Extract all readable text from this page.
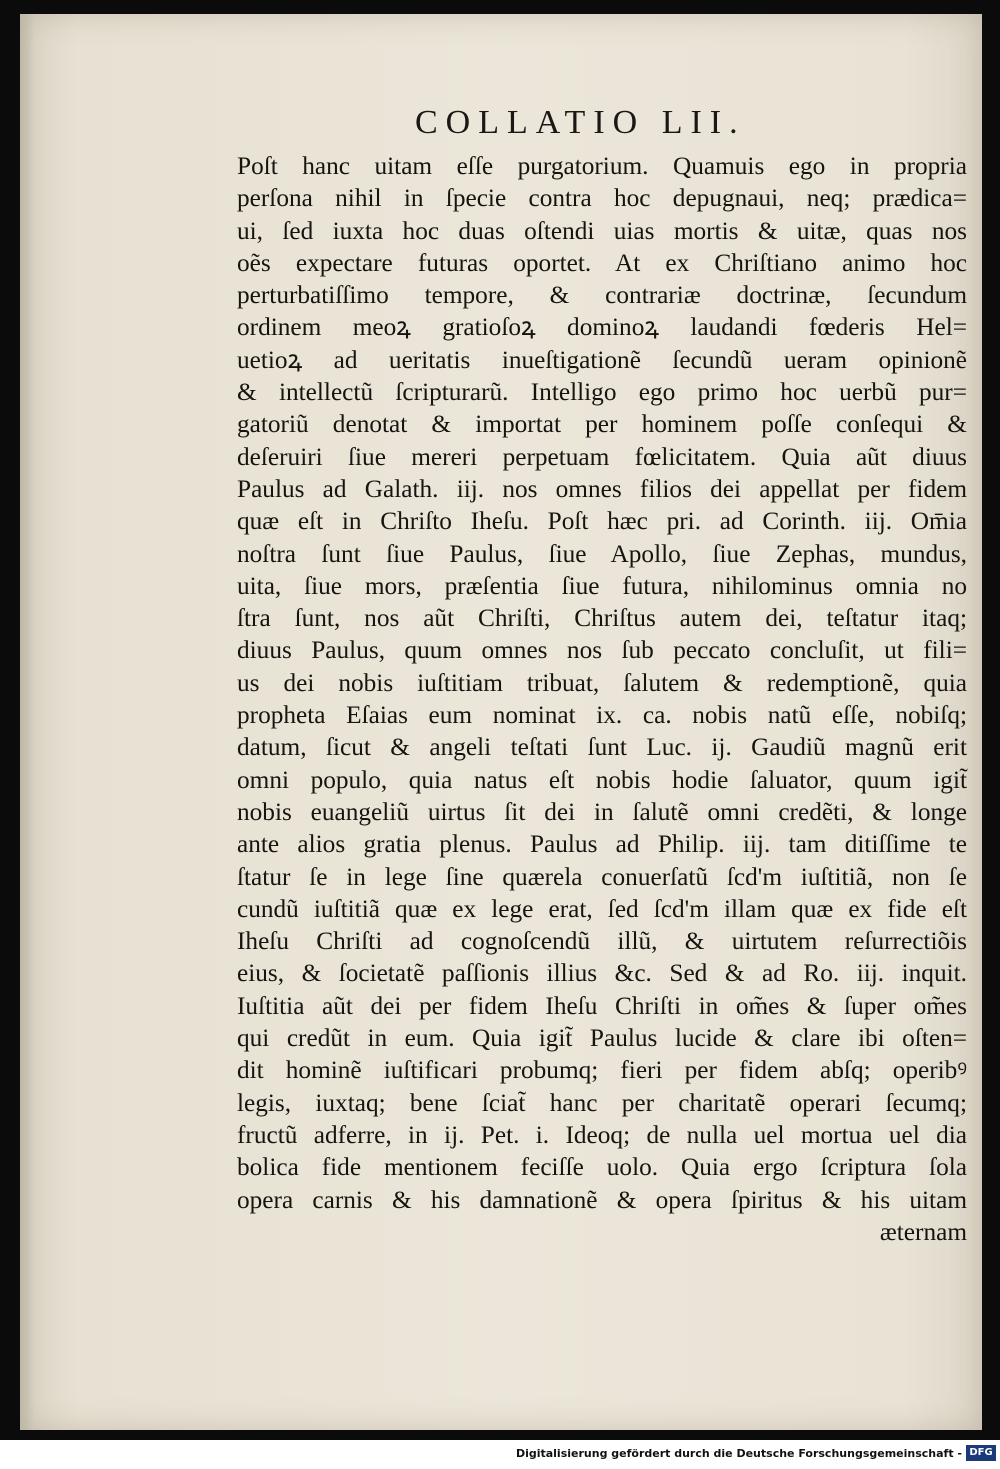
COLLATIO LII.
Poſt hanc uitam eſſe purgatorium. Quamuis ego in propria
perſona nihil in ſpecie contra hoc depugnaui, neq; prædica=
ui, ſed iuxta hoc duas oſtendi uias mortis & uitæ, quas nos
oẽs expectare futuras oportet. At ex Chriſtiano animo hoc
perturbatiſſimo tempore, & contrariæ doctrinæ, ſecundum
ordinem meoꝝ gratioſoꝝ dominoꝝ laudandi fœderis Hel=
uetioꝝ ad ueritatis inueſtigationẽ ſecundũ ueram opinionẽ
& intellectũ ſcripturarũ. Intelligo ego primo hoc uerbũ pur=
gatoriũ denotat & importat per hominem poſſe conſequi &
deſeruiri ſiue mereri perpetuam fœlicitatem. Quia aũt diuus
Paulus ad Galath. iij. nos omnes filios dei appellat per fidem
quæ eſt in Chriſto Iheſu. Poſt hæc pri. ad Corinth. iij. Om̄ia
noſtra ſunt ſiue Paulus, ſiue Apollo, ſiue Zephas, mundus,
uita, ſiue mors, præſentia ſiue futura, nihilominus omnia no
ſtra ſunt, nos aũt Chriſti, Chriſtus autem dei, teſtatur itaq;
diuus Paulus, quum omnes nos ſub peccato concluſit, ut fili=
us dei nobis iuſtitiam tribuat, ſalutem & redemptionẽ, quia
propheta Eſaias eum nominat ix. ca. nobis natũ eſſe, nobiſq;
datum, ſicut & angeli teſtati ſunt Luc. ij. Gaudiũ magnũ erit
omni populo, quia natus eſt nobis hodie ſaluator, quum igit̃
nobis euangeliũ uirtus ſit dei in ſalutẽ omni credẽti, & longe
ante alios gratia plenus. Paulus ad Philip. iij. tam ditiſſime te
ſtatur ſe in lege ſine quærela conuerſatũ ſcd'm iuſtitiã, non ſe
cundũ iuſtitiã quæ ex lege erat, ſed ſcd'm illam quæ ex fide eſt
Iheſu Chriſti ad cognoſcendũ illũ, & uirtutem reſurrectiõis
eius, & ſocietatẽ paſſionis illius &c. Sed & ad Ro. iij. inquit.
Iuſtitia aũt dei per fidem Iheſu Chriſti in om̃es & ſuper om̃es
qui credũt in eum. Quia igit̃ Paulus lucide & clare ibi oſten=
dit hominẽ iuſtificari probumq; fieri per fidem abſq; operibꝰ
legis, iuxtaq; bene ſciat̃ hanc per charitatẽ operari ſecumq;
fructũ adferre, in ij. Pet. i. Ideoq; de nulla uel mortua uel dia
bolica fide mentionem feciſſe uolo. Quia ergo ſcriptura ſola
opera carnis & his damnationẽ & opera ſpiritus & his uitam
æternam
Digitalisierung gefördert durch die Deutsche Forschungsgemeinschaft - DFG
